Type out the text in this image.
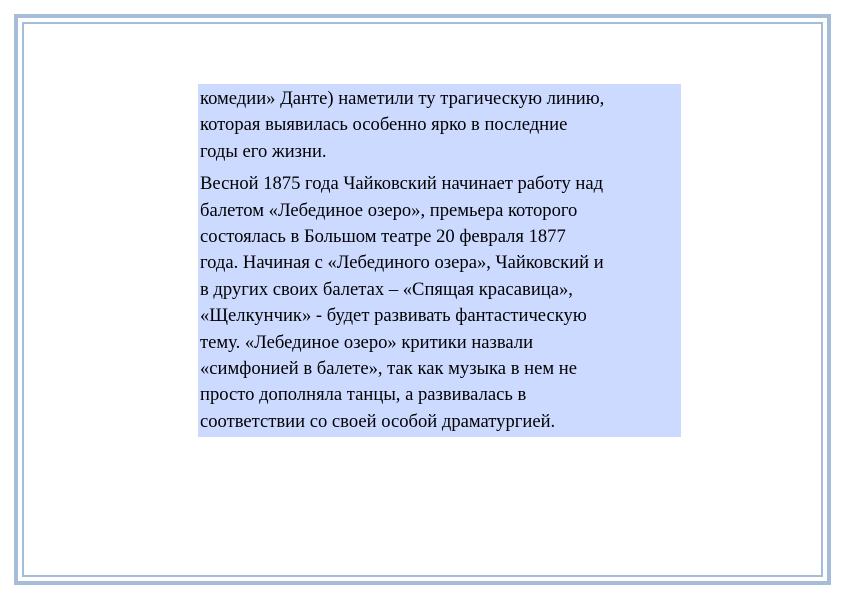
комедии» Данте) наметили ту трагическую линию,
которая выявилась особенно ярко в последние
годы его жизни.

Весной 1875 года Чайковский начинает работу над
балетом «Лебединое озеро», премьера которого
состоялась в Большом театре 20 февраля 1877
года. Начиная с «Лебединого озера», Чайковский и
в других своих балетах – «Спящая красавица»,
«Щелкунчик» - будет развивать фантастическую
тему. «Лебединое озеро» критики назвали
«симфонией в балете», так как музыка в нем не
просто дополняла танцы, а развивалась в
соответствии со своей особой драматургией.
